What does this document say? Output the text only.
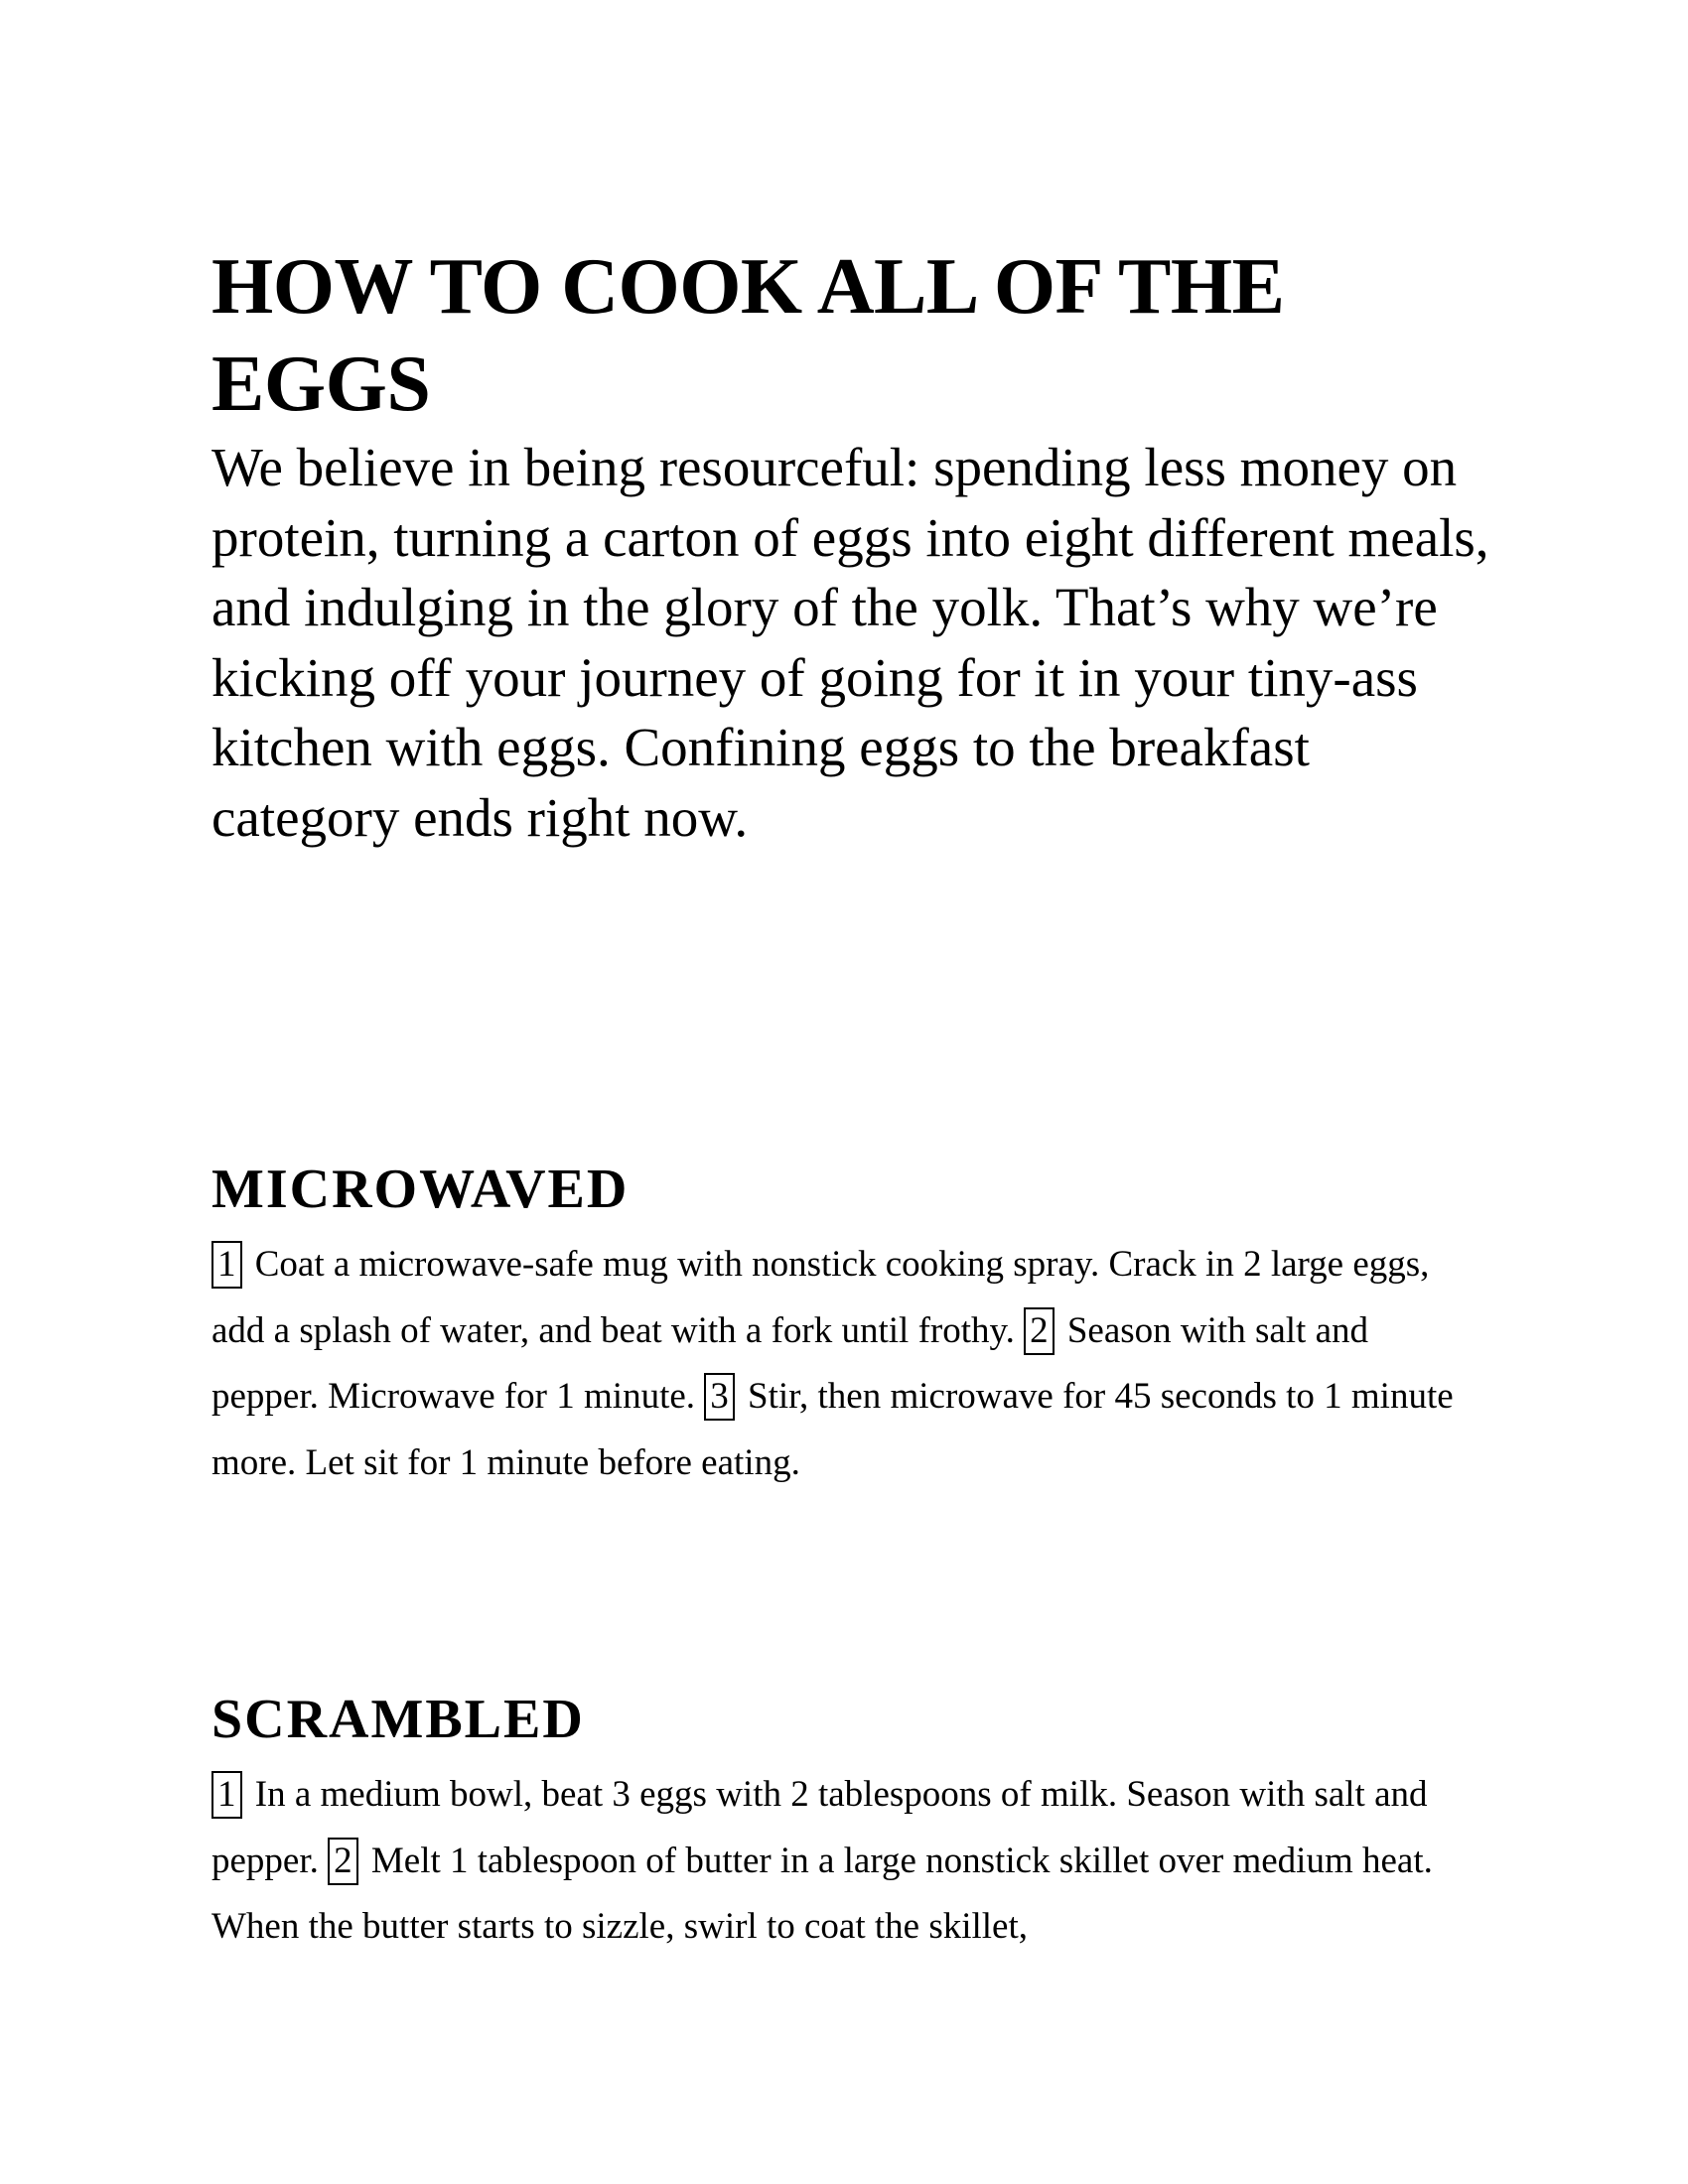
HOW TO COOK ALL OF THE EGGS

We believe in being resourceful: spending less money on protein, turning a carton of eggs into eight different meals, and indulging in the glory of the yolk. That’s why we’re kicking off your journey of going for it in your tiny-ass kitchen with eggs. Confining eggs to the breakfast category ends right now.

MICROWAVED

1 Coat a microwave-safe mug with nonstick cooking spray. Crack in 2 large eggs, add a splash of water, and beat with a fork until frothy. 2 Season with salt and pepper. Microwave for 1 minute. 3 Stir, then microwave for 45 seconds to 1 minute more. Let sit for 1 minute before eating.

SCRAMBLED

1 In a medium bowl, beat 3 eggs with 2 tablespoons of milk. Season with salt and pepper. 2 Melt 1 tablespoon of butter in a large nonstick skillet over medium heat. When the butter starts to sizzle, swirl to coat the skillet,
